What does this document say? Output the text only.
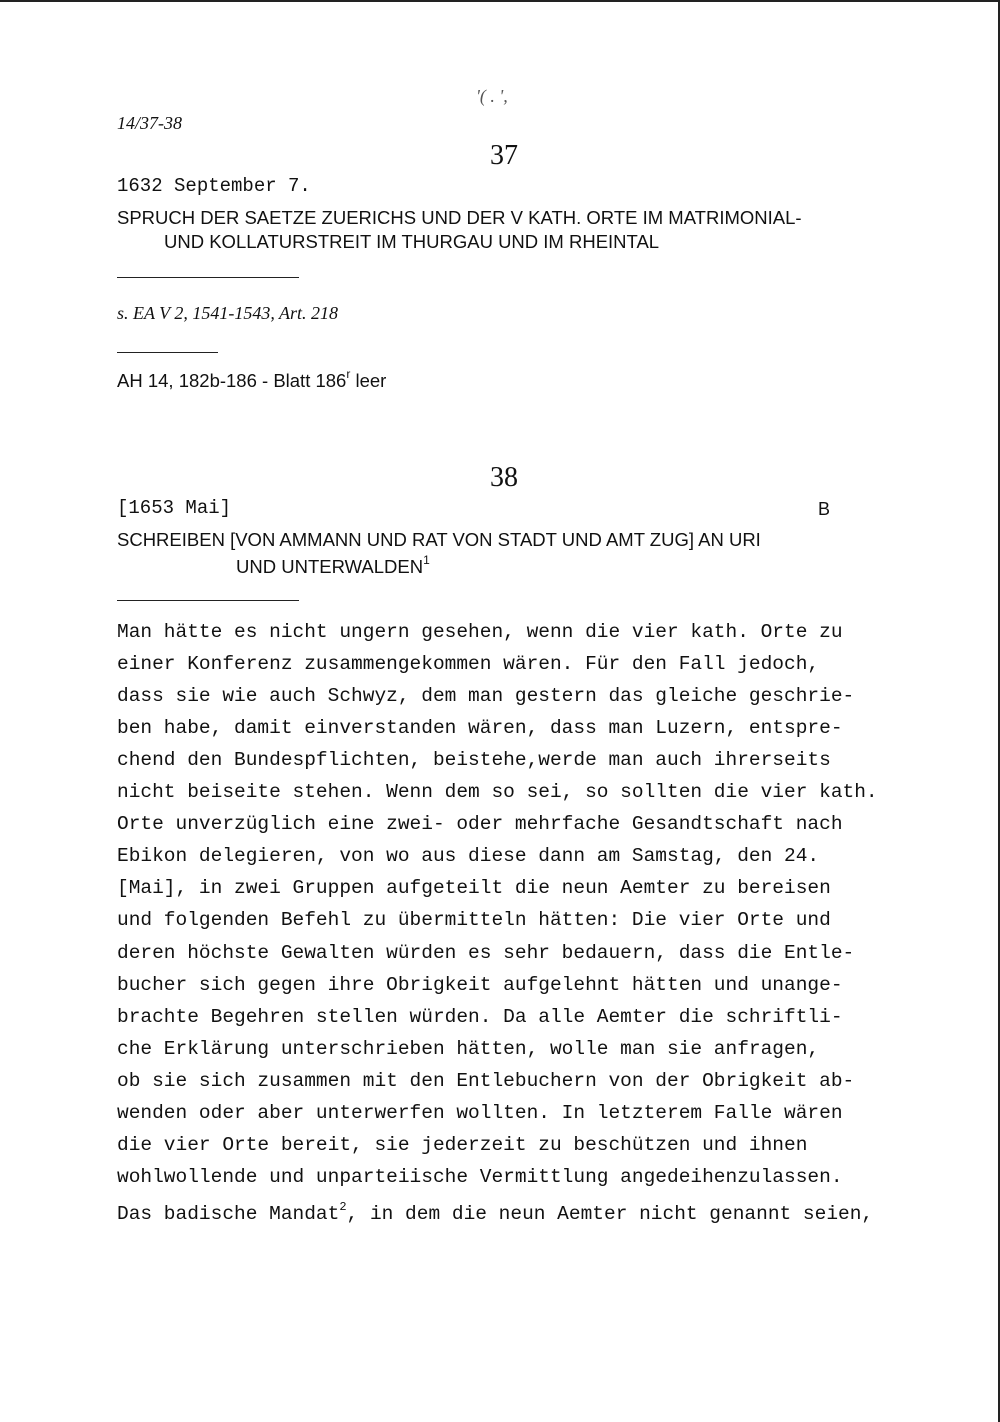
14/37-38
'( . ',
37
1632 September 7.
SPRUCH DER SAETZE ZUERICHS UND DER V KATH. ORTE IM MATRIMONIAL-
UND KOLLATURSTREIT IM THURGAU UND IM RHEINTAL
s. EA V 2, 1541-1543, Art. 218
AH 14, 182b-186 - Blatt 186$^r$ leer
38
[1653 Mai]	B
SCHREIBEN [VON AMMANN UND RAT VON STADT UND AMT ZUG] AN URI
UND UNTERWALDEN$^1$
Man hätte es nicht ungern gesehen, wenn die vier kath. Orte zu
einer Konferenz zusammengekommen wären. Für den Fall jedoch,
dass sie wie auch Schwyz, dem man gestern das gleiche geschrie-
ben habe, damit einverstanden wären, dass man Luzern, entspre-
chend den Bundespflichten, beistehe,werde man auch ihrerseits
nicht beiseite stehen. Wenn dem so sei, so sollten die vier kath.
Orte unverzüglich eine zwei- oder mehrfache Gesandtschaft nach
Ebikon delegieren, von wo aus diese dann am Samstag, den 24.
[Mai], in zwei Gruppen aufgeteilt die neun Aemter zu bereisen
und folgenden Befehl zu übermitteln hätten: Die vier Orte und
deren höchste Gewalten würden es sehr bedauern, dass die Entle-
bucher sich gegen ihre Obrigkeit aufgelehnt hätten und unange-
brachte Begehren stellen würden. Da alle Aemter die schriftli-
che Erklärung unterschrieben hätten, wolle man sie anfragen,
ob sie sich zusammen mit den Entlebuchern von der Obrigkeit ab-
wenden oder aber unterwerfen wollten. In letzterem Falle wären
die vier Orte bereit, sie jederzeit zu beschützen und ihnen
wohlwollende und unparteiische Vermittlung angedeihenzulassen.
Das badische Mandat$^2$, in dem die neun Aemter nicht genannt seien,
